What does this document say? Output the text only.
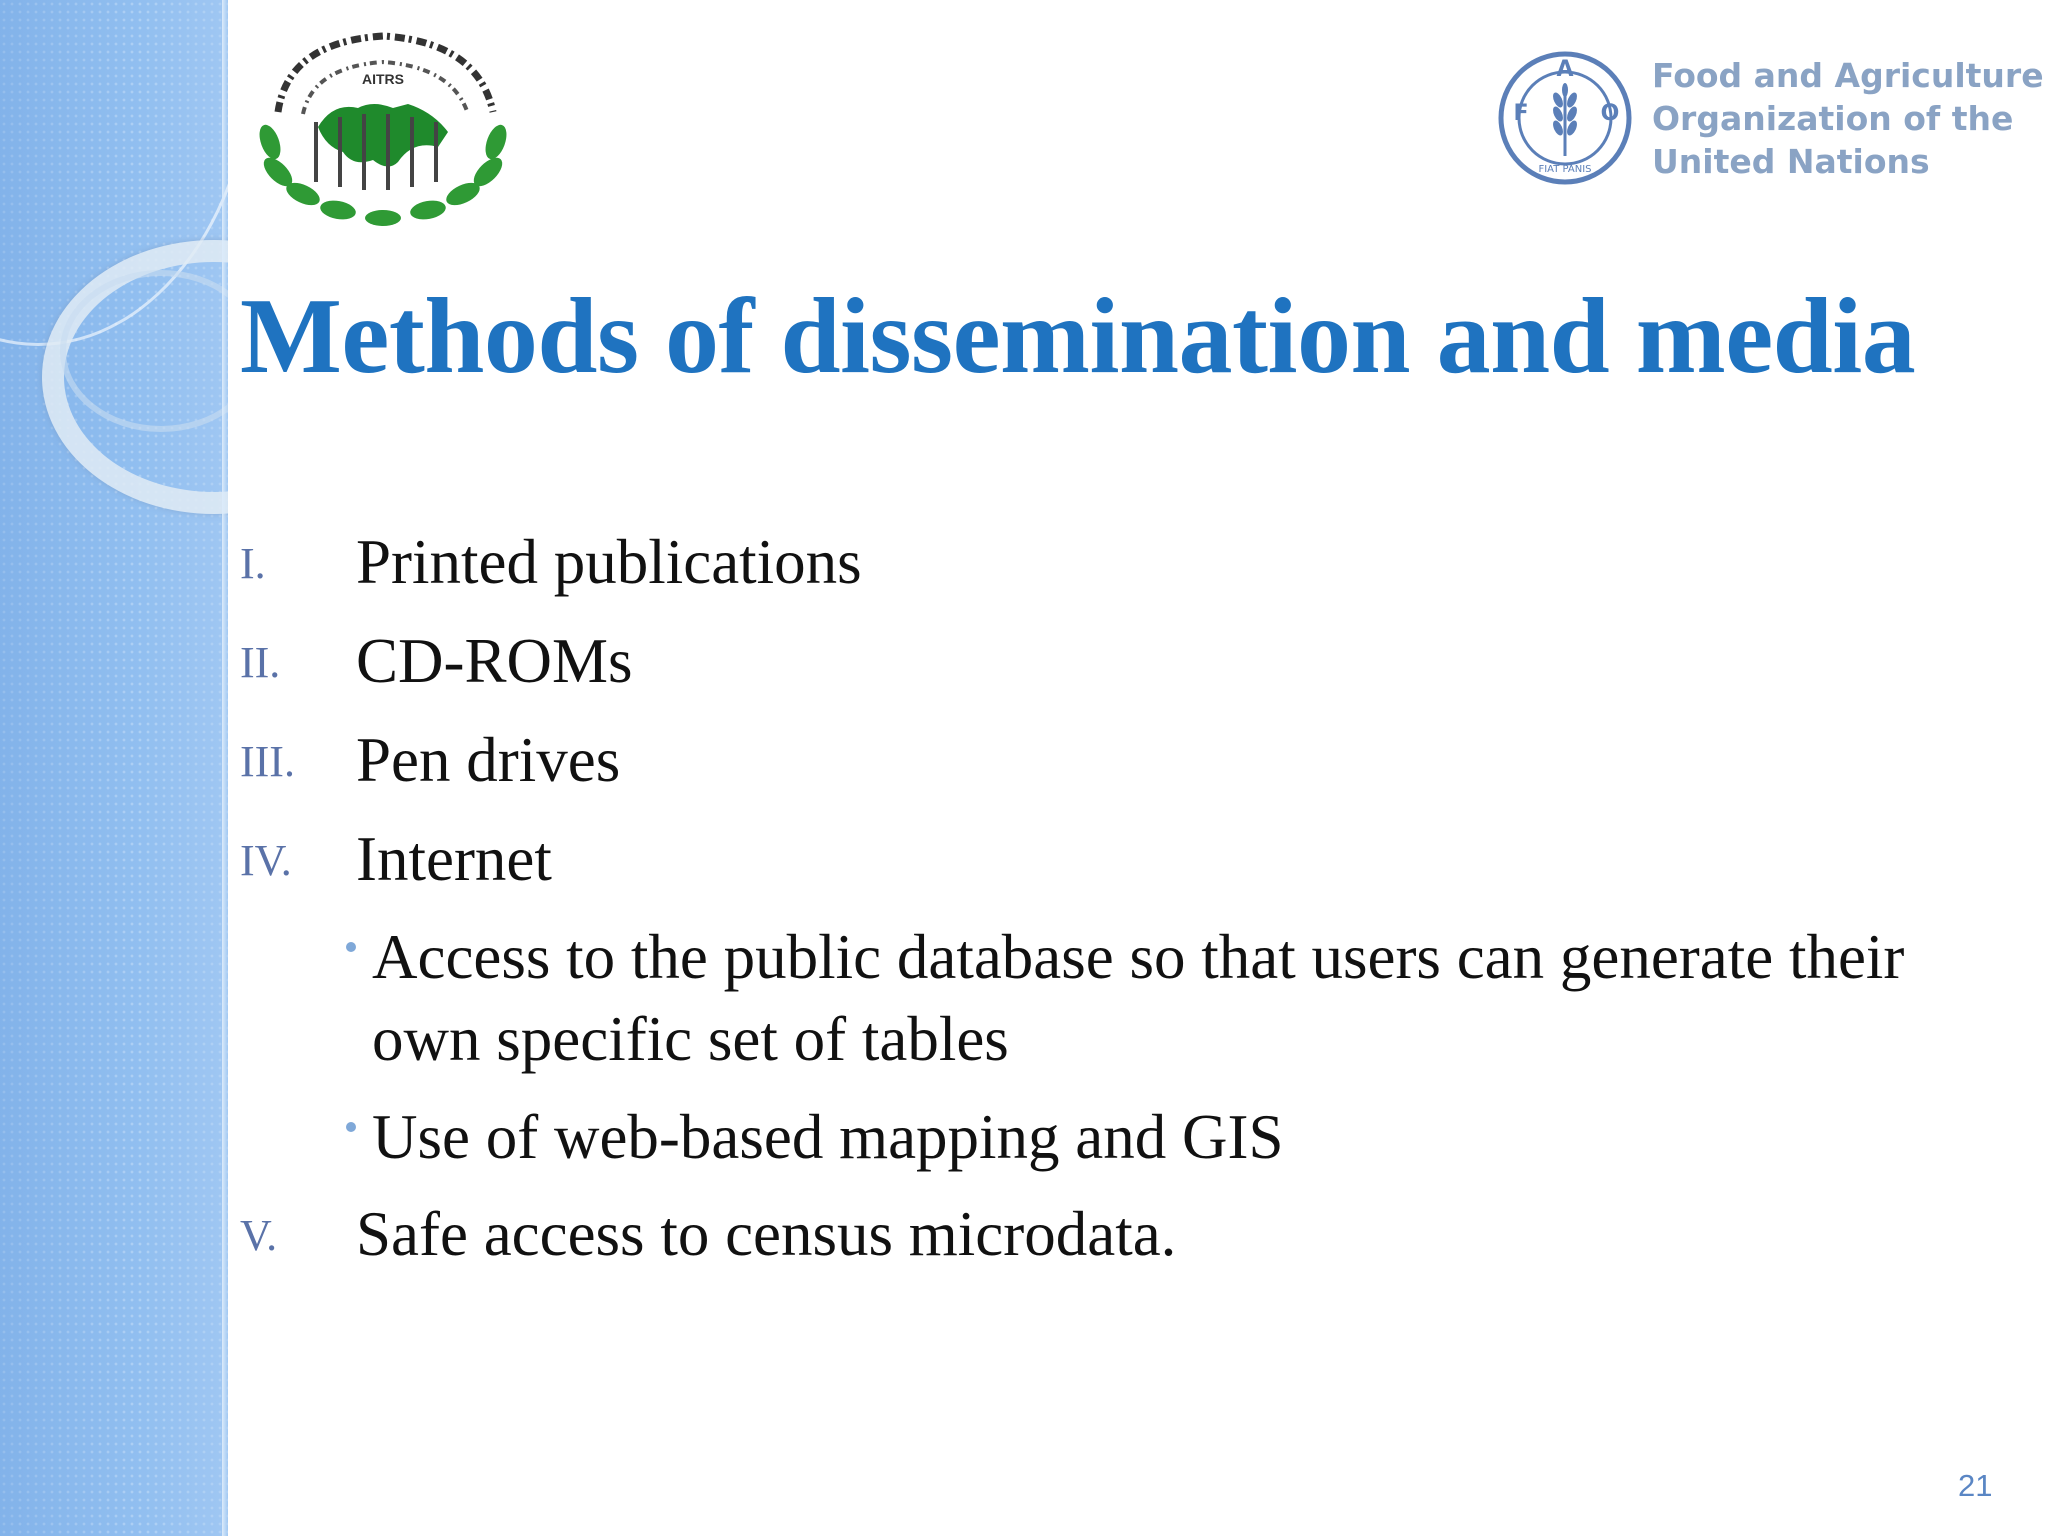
AITRS	A
F	O
FIAT PANIS
Food and Agriculture
Organization of the
United Nations
Methods of dissemination and media
I. Printed publications
II. CD-ROMs
III. Pen drives
IV. Internet
Access to the public database so that users can generate their
own specific set of tables
Use of web-based mapping and GIS
V. Safe access to census microdata.
21
